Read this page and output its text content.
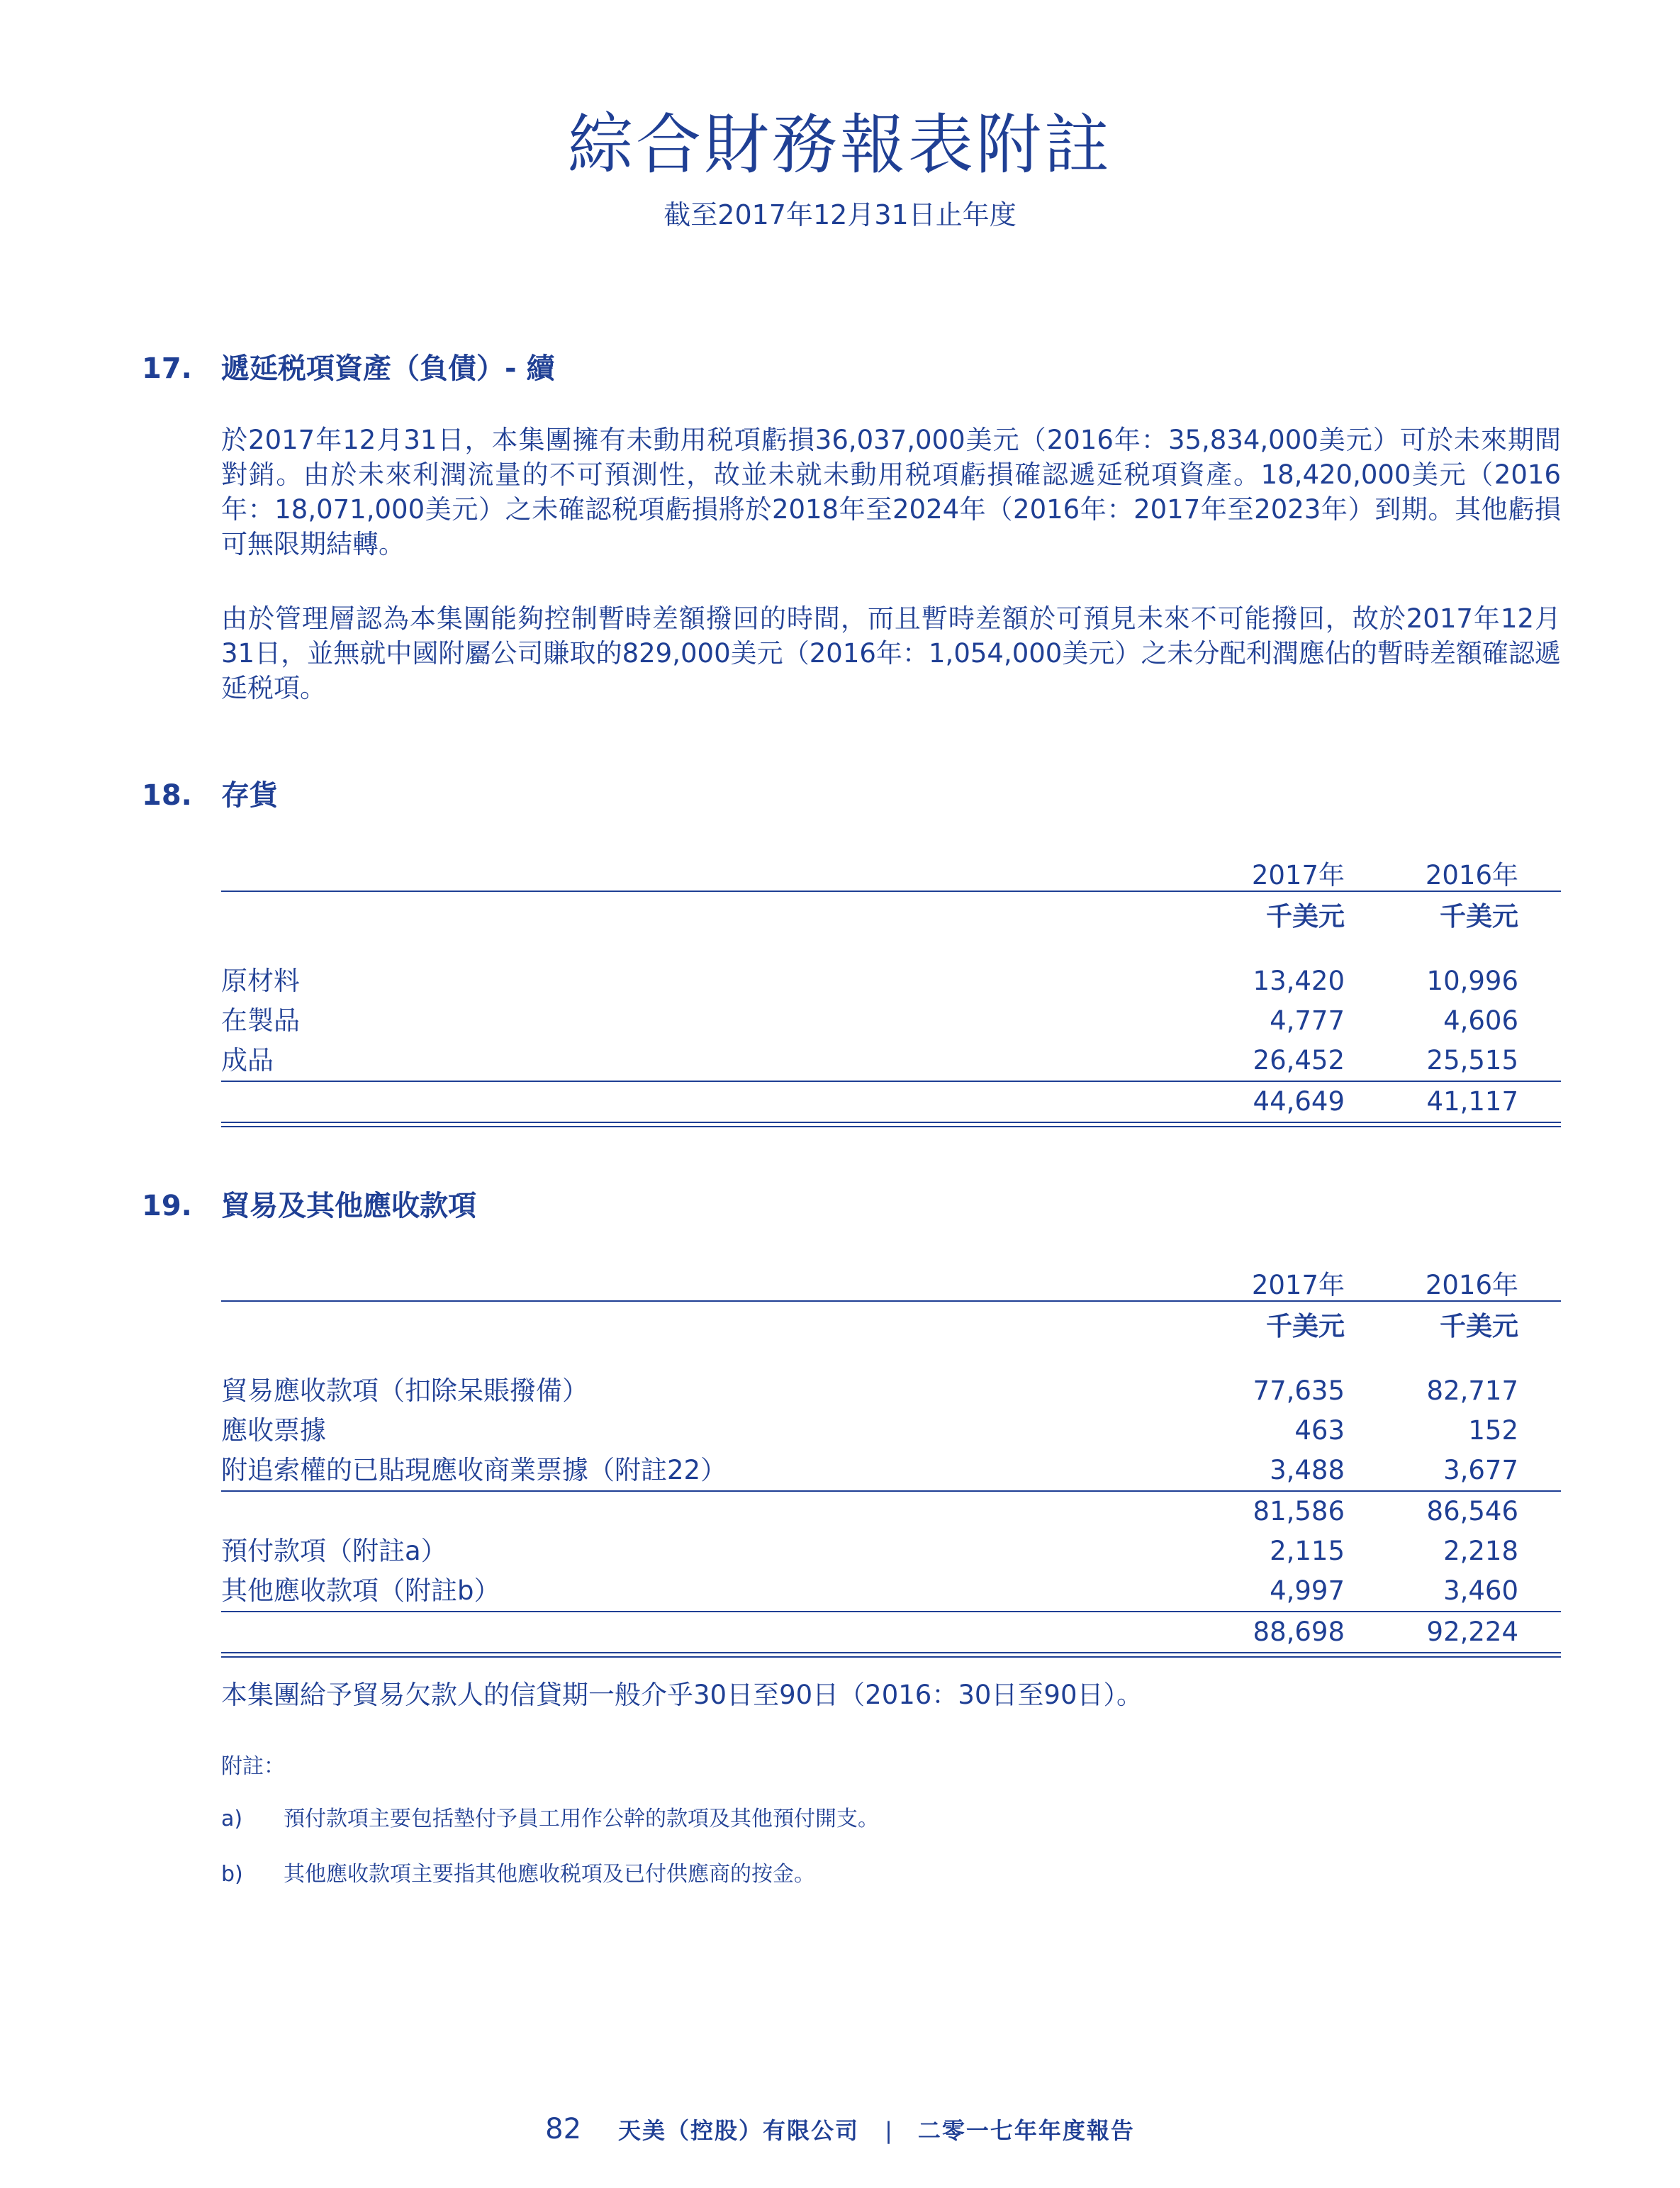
綜合財務報表附註
截至2017年12月31日止年度
17. 遞延税項資產（負債）- 續
於2017年12月31日，本集團擁有未動用税項虧損36,037,000美元（2016年：35,834,000美元）可於未來期間對銷。由於未來利潤流量的不可預測性，故並未就未動用税項虧損確認遞延税項資產。18,420,000美元（2016年：18,071,000美元）之未確認税項虧損將於2018年至2024年（2016年：2017年至2023年）到期。其他虧損可無限期結轉。
由於管理層認為本集團能夠控制暫時差額撥回的時間，而且暫時差額於可預見未來不可能撥回，故於2017年12月31日，並無就中國附屬公司賺取的829,000美元（2016年：1,054,000美元）之未分配利潤應佔的暫時差額確認遞延税項。
18. 存貨
2017年	2016年
千美元	千美元
原材料	13,420	10,996
在製品	4,777	4,606
成品	26,452	25,515
44,649	41,117
19. 貿易及其他應收款項
2017年	2016年
千美元	千美元
貿易應收款項（扣除呆賬撥備）	77,635	82,717
應收票據	463	152
附追索權的已貼現應收商業票據（附註22）	3,488	3,677
81,586	86,546
預付款項（附註a）	2,115	2,218
其他應收款項（附註b）	4,997	3,460
88,698	92,224
本集團給予貿易欠款人的信貸期一般介乎30日至90日（2016：30日至90日）。
附註：
a) 預付款項主要包括墊付予員工用作公幹的款項及其他預付開支。
b) 其他應收款項主要指其他應收税項及已付供應商的按金。
82 天美（控股）有限公司 | 二零一七年年度報告
